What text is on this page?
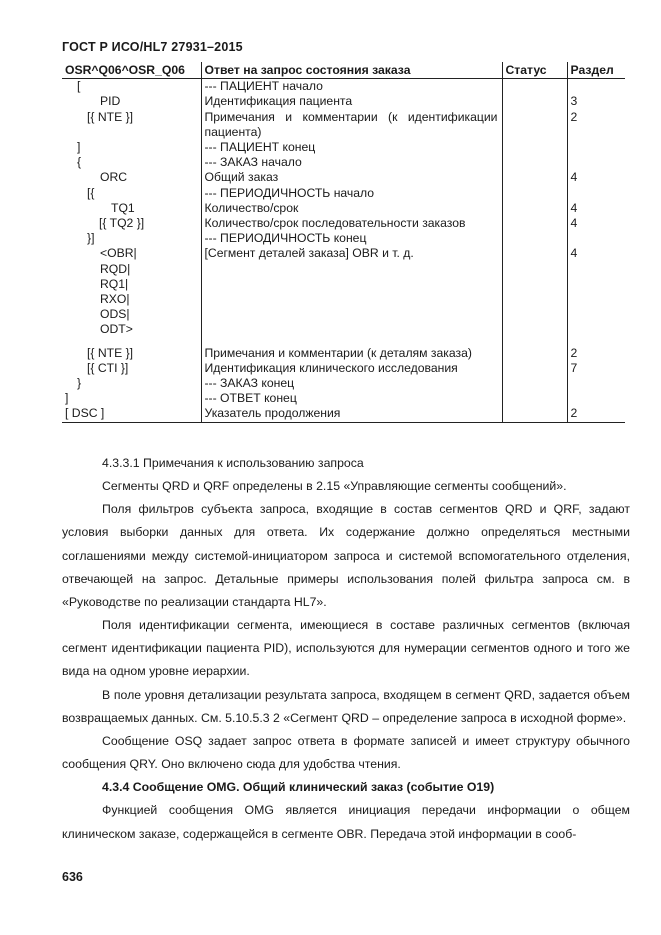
ГОСТ Р ИСО/HL7 27931–2015
OSR^Q06^OSR_Q06	Ответ на запрос состояния заказа	Статус	Раздел
[	--- ПАЦИЕНТ начало		
PID	Идентификация пациента		3
[{ NTE }]	Примечания и комментарии (к идентификации пациента)		2
]	--- ПАЦИЕНТ конец		
{	--- ЗАКАЗ начало		
ORC	Общий заказ		4
[{	--- ПЕРИОДИЧНОСТЬ начало		
TQ1	Количество/срок		4
[{ TQ2 }]	Количество/срок последовательности заказов		4
}]	--- ПЕРИОДИЧНОСТЬ конец		
<OBR|	[Сегмент деталей заказа] OBR и т. д.		4
RQD|			
RQ1|			
RXO|			
ODS|			
ODT>			
[{ NTE }]	Примечания и комментарии (к деталям заказа)		2
[{ CTI }]	Идентификация клинического исследования		7
}	--- ЗАКАЗ конец		
]	--- ОТВЕТ конец		
[ DSC ]	Указатель продолжения		2

4.3.3.1 Примечания к использованию запроса

Сегменты QRD и QRF определены в 2.15 «Управляющие сегменты сообщений».

Поля фильтров субъекта запроса, входящие в состав сегментов QRD и QRF, задают условия выборки данных для ответа. Их содержание должно определяться местными соглашениями между системой-инициатором запроса и системой вспомогательного отделения, отвечающей на запрос. Детальные примеры использования полей фильтра запроса см. в «Руководстве по реализации стандарта HL7».

Поля идентификации сегмента, имеющиеся в составе различных сегментов (включая сегмент идентификации пациента PID), используются для нумерации сегментов одного и того же вида на одном уровне иерархии.

В поле уровня детализации результата запроса, входящем в сегмент QRD, задается объем возвращаемых данных. См. 5.10.5.3 2 «Сегмент QRD – определение запроса в исходной форме».

Сообщение OSQ задает запрос ответа в формате записей и имеет структуру обычного сообщения QRY. Оно включено сюда для удобства чтения.

4.3.4 Сообщение OMG. Общий клинический заказ (событие O19)

Функцией сообщения OMG является инициация передачи информации о общем клиническом заказе, содержащейся в сегменте OBR. Передача этой информации в сооб-

636
